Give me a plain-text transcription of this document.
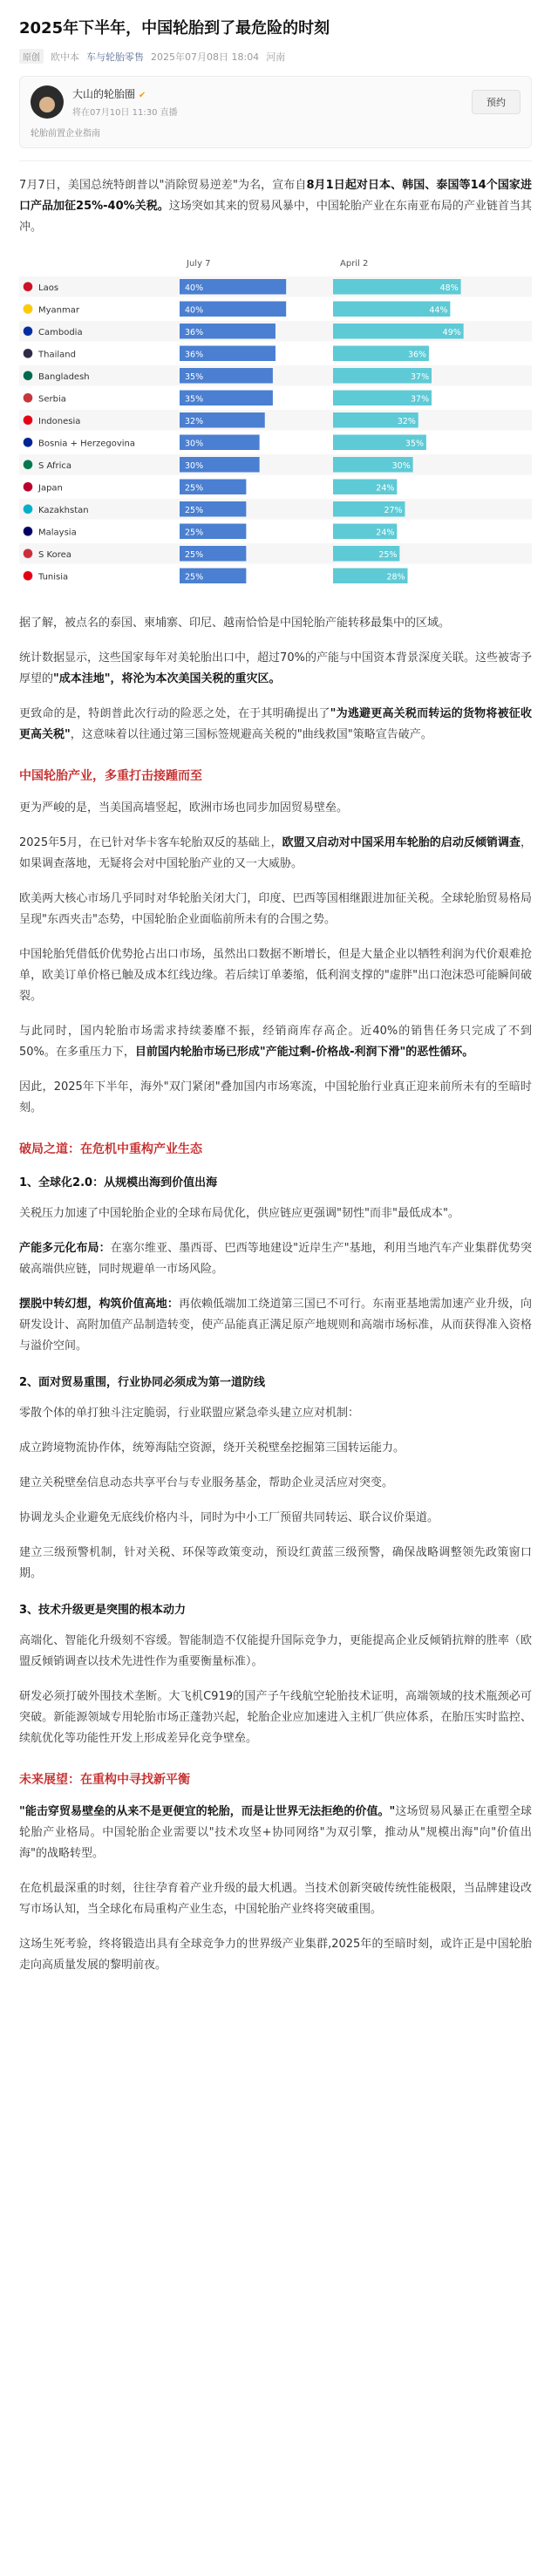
2025年下半年，中国轮胎到了最危险的时刻
原创	欧中本 车与轮胎零售 2025年07月08日 18:04 河南
大山的轮胎圈 ✔
将在07月10日 11:30 直播
预约
轮胎前置企业指南

7月7日，美国总统特朗普以"消除贸易逆差"为名，宣布自8月1日起对日本、韩国、泰国等14个国家进口产品加征25%-40%关税。这场突如其来的贸易风暴中，中国轮胎产业在东南亚布局的产业链首当其冲。

July 7	April 2
Laos	40%	48%
Myanmar	40%	44%
Cambodia	36%	49%
Thailand	36%	36%
Bangladesh	35%	37%
Serbia	35%	37%
Indonesia	32%	32%
Bosnia + Herzegovina	30%	35%
S Africa	30%	30%
Japan	25%	24%
Kazakhstan	25%	27%
Malaysia	25%	24%
S Korea	25%	25%
Tunisia	25%	28%

据了解，被点名的泰国、柬埔寨、印尼、越南恰恰是中国轮胎产能转移最集中的区域。

统计数据显示，这些国家每年对美轮胎出口中，超过70%的产能与中国资本背景深度关联。这些被寄予厚望的"成本洼地"，将沦为本次美国关税的重灾区。

更致命的是，特朗普此次行动的险恶之处，在于其明确提出了"为逃避更高关税而转运的货物将被征收更高关税"，这意味着以往通过第三国标签规避高关税的"曲线救国"策略宣告破产。

中国轮胎产业，多重打击接踵而至

更为严峻的是，当美国高墙竖起，欧洲市场也同步加固贸易壁垒。

2025年5月，在已针对华卡客车轮胎双反的基础上，欧盟又启动对中国采用车轮胎的启动反倾销调查，如果调查落地，无疑将会对中国轮胎产业的又一大威胁。

欧美两大核心市场几乎同时对华轮胎关闭大门，印度、巴西等国相继跟进加征关税。全球轮胎贸易格局呈现"东西夹击"态势，中国轮胎企业面临前所未有的合围之势。

中国轮胎凭借低价优势抢占出口市场，虽然出口数据不断增长，但是大量企业以牺牲利润为代价艰难抢单，欧美订单价格已触及成本红线边缘。若后续订单萎缩，低利润支撑的"虚胖"出口泡沫恐可能瞬间破裂。

与此同时，国内轮胎市场需求持续萎靡不振，经销商库存高企。近40%的销售任务只完成了不到50%。在多重压力下，目前国内轮胎市场已形成"产能过剩-价格战-利润下滑"的恶性循环。

因此，2025年下半年，海外"双门紧闭"叠加国内市场寒流，中国轮胎行业真正迎来前所未有的至暗时刻。

破局之道：在危机中重构产业生态
1、全球化2.0：从规模出海到价值出海

关税压力加速了中国轮胎企业的全球布局优化，供应链应更强调"韧性"而非"最低成本"。

产能多元化布局：在塞尔维亚、墨西哥、巴西等地建设"近岸生产"基地，利用当地汽车产业集群优势突破高端供应链，同时规避单一市场风险。

摆脱中转幻想，构筑价值高地：再依赖低端加工绕道第三国已不可行。东南亚基地需加速产业升级，向研发设计、高附加值产品制造转变，使产品能真正满足原产地规则和高端市场标准，从而获得准入资格与溢价空间。

2、面对贸易重围，行业协同必须成为第一道防线

零散个体的单打独斗注定脆弱，行业联盟应紧急牵头建立应对机制：

成立跨境物流协作体，统筹海陆空资源，绕开关税壁垒挖掘第三国转运能力。

建立关税壁垒信息动态共享平台与专业服务基金，帮助企业灵活应对突变。

协调龙头企业避免无底线价格内斗，同时为中小工厂预留共同转运、联合议价渠道。

建立三级预警机制，针对关税、环保等政策变动，预设红黄蓝三级预警，确保战略调整领先政策窗口期。

3、技术升级更是突围的根本动力

高端化、智能化升级刻不容缓。智能制造不仅能提升国际竞争力，更能提高企业反倾销抗辩的胜率（欧盟反倾销调查以技术先进性作为重要衡量标准）。

研发必须打破外围技术垄断。大飞机C919的国产子午线航空轮胎技术证明，高端领域的技术瓶颈必可突破。新能源领域专用轮胎市场正蓬勃兴起，轮胎企业应加速进入主机厂供应体系，在胎压实时监控、续航优化等功能性开发上形成差异化竞争壁垒。

未来展望：在重构中寻找新平衡

"能击穿贸易壁垒的从来不是更便宜的轮胎，而是让世界无法拒绝的价值。"这场贸易风暴正在重塑全球轮胎产业格局。中国轮胎企业需要以"技术攻坚+协同网络"为双引擎，推动从"规模出海"向"价值出海"的战略转型。

在危机最深重的时刻，往往孕育着产业升级的最大机遇。当技术创新突破传统性能极限，当品牌建设改写市场认知，当全球化布局重构产业生态，中国轮胎产业终将突破重围。

这场生死考验，终将锻造出具有全球竞争力的世界级产业集群,2025年的至暗时刻，或许正是中国轮胎走向高质量发展的黎明前夜。
